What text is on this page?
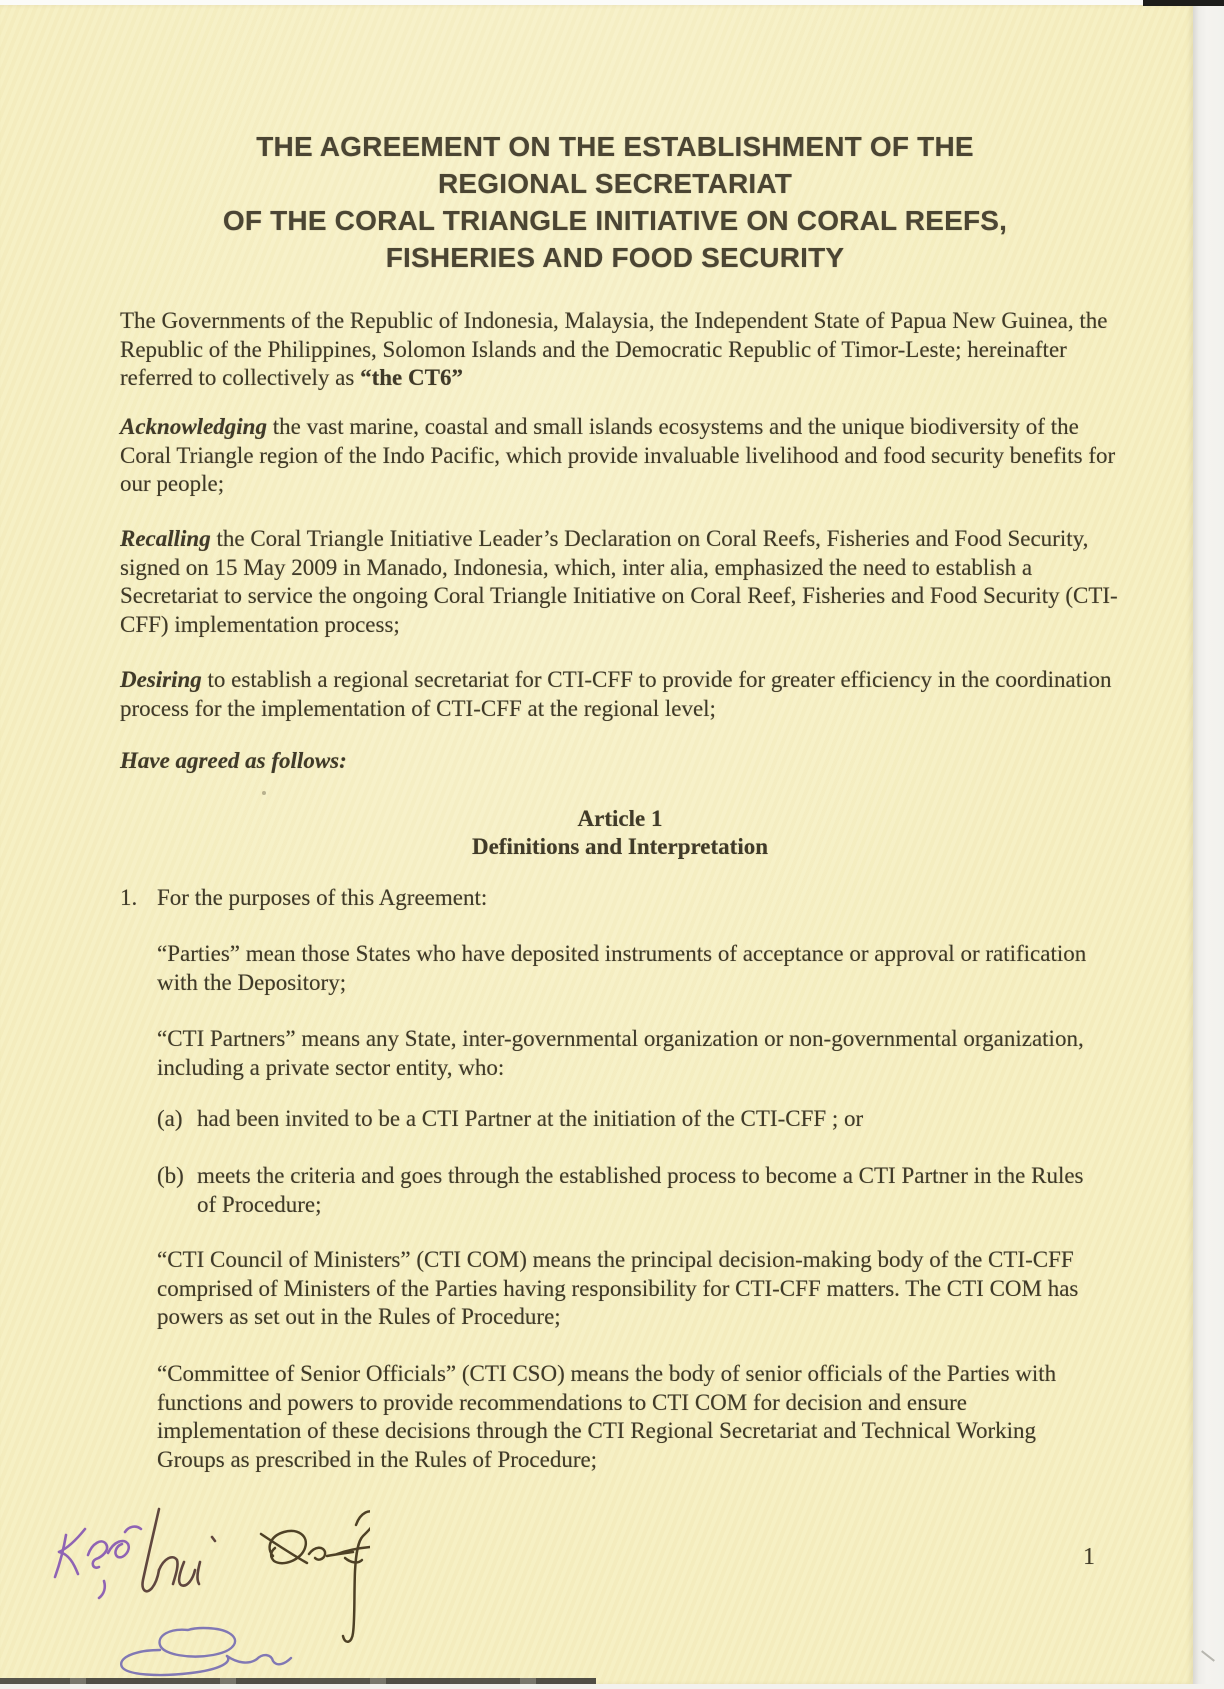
THE AGREEMENT ON THE ESTABLISHMENT OF THE
REGIONAL SECRETARIAT
OF THE CORAL TRIANGLE INITIATIVE ON CORAL REEFS,
FISHERIES AND FOOD SECURITY

The Governments of the Republic of Indonesia, Malaysia, the Independent State of Papua New Guinea, the Republic of the Philippines, Solomon Islands and the Democratic Republic of Timor-Leste; hereinafter referred to collectively as “the CT6”

Acknowledging the vast marine, coastal and small islands ecosystems and the unique biodiversity of the Coral Triangle region of the Indo Pacific, which provide invaluable livelihood and food security benefits for our people;

Recalling the Coral Triangle Initiative Leader’s Declaration on Coral Reefs, Fisheries and Food Security, signed on 15 May 2009 in Manado, Indonesia, which, inter alia, emphasized the need to establish a Secretariat to service the ongoing Coral Triangle Initiative on Coral Reef, Fisheries and Food Security (CTI-CFF) implementation process;

Desiring to establish a regional secretariat for CTI-CFF to provide for greater efficiency in the coordination process for the implementation of CTI-CFF at the regional level;

Have agreed as follows:

Article 1
Definitions and Interpretation
1. For the purposes of this Agreement:

“Parties” mean those States who have deposited instruments of acceptance or approval or ratification with the Depository;

“CTI Partners” means any State, inter-governmental organization or non-governmental organization, including a private sector entity, who:

(a) had been invited to be a CTI Partner at the initiation of the CTI-CFF ; or
(b) meets the criteria and goes through the established process to become a CTI Partner in the Rules of Procedure;

“CTI Council of Ministers” (CTI COM) means the principal decision-making body of the CTI-CFF comprised of Ministers of the Parties having responsibility for CTI-CFF matters. The CTI COM has powers as set out in the Rules of Procedure;

“Committee of Senior Officials” (CTI CSO) means the body of senior officials of the Parties with functions and powers to provide recommendations to CTI COM for decision and ensure implementation of these decisions through the CTI Regional Secretariat and Technical Working Groups as prescribed in the Rules of Procedure;

1
